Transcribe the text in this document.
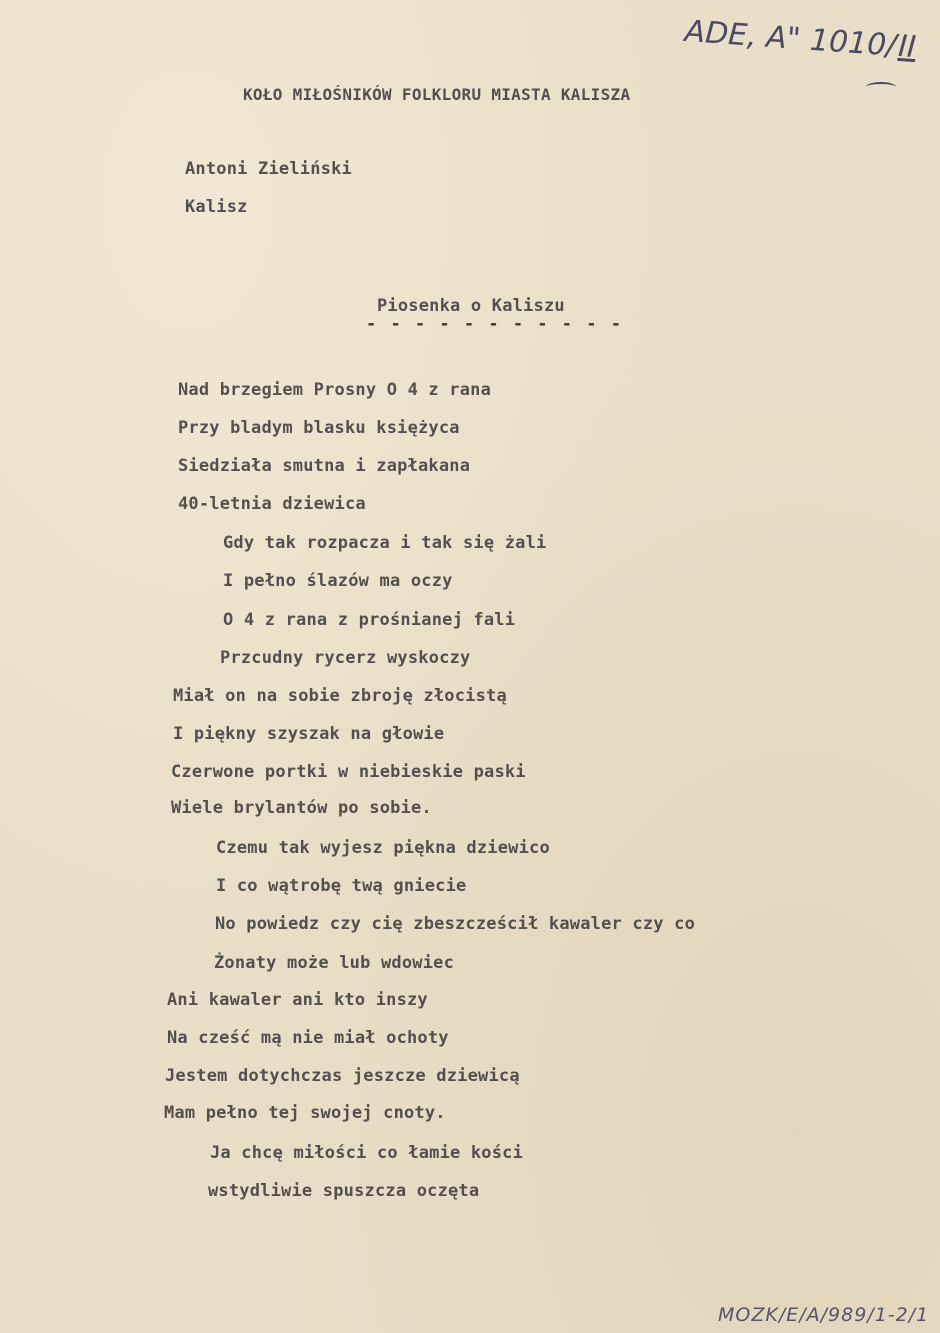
ADE, A" 1010/II
KOŁO MIŁOŚNIKÓW FOLKLORU MIASTA KALISZA
Antoni Zieliński
Kalisz
Piosenka o Kaliszu
- - - - - - - - - - -
Nad brzegiem Prosny O 4 z rana
Przy bladym blasku księżyca
Siedziała smutna i zapłakana
40-letnia dziewica
Gdy tak rozpacza i tak się żali
I pełno ślazów ma oczy
O 4 z rana z prośnianej fali
Przcudny rycerz wyskoczy
Miał on na sobie zbroję złocistą
I piękny szyszak na głowie
Czerwone portki w niebieskie paski
Wiele brylantów po sobie.
Czemu tak wyjesz piękna dziewico
I co wątrobę twą gniecie
No powiedz czy cię zbeszcześcił kawaler czy co
Żonaty może lub wdowiec
Ani kawaler ani kto inszy
Na cześć mą nie miał ochoty
Jestem dotychczas jeszcze dziewicą
Mam pełno tej swojej cnoty.
Ja chcę miłości co łamie kości
wstydliwie spuszcza oczęta
MOZK/E/A/989/1-2/1
